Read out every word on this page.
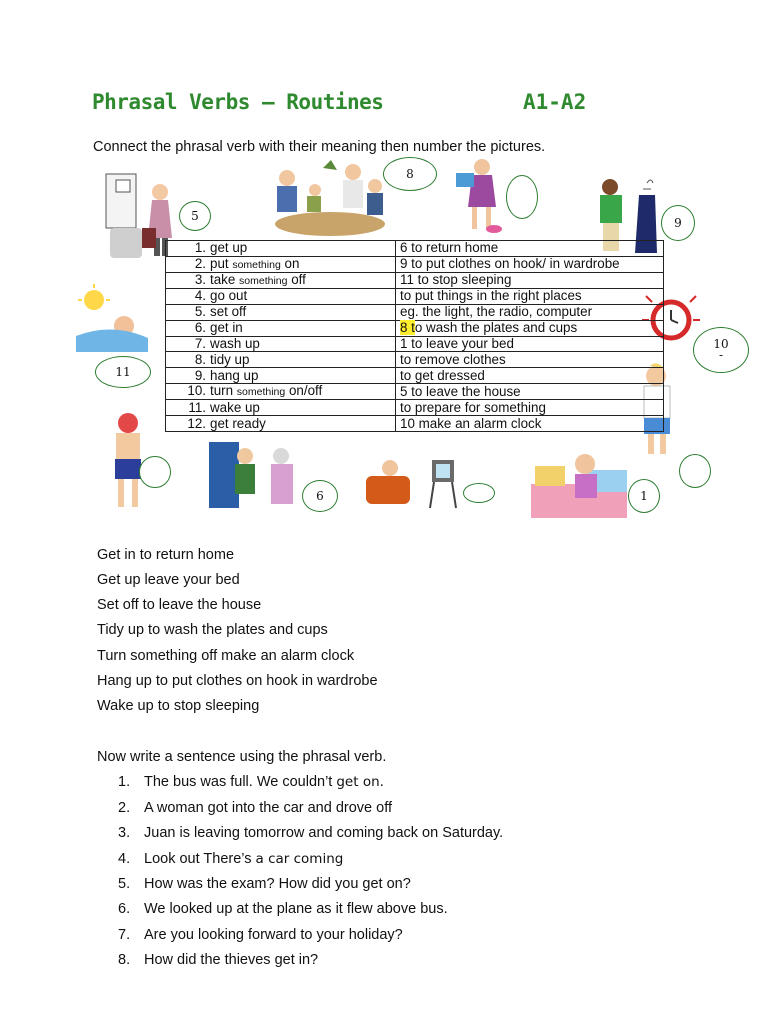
Phrasal Verbs – Routines	A1-A2
Connect the phrasal verb with their meaning then number the pictures.
8
5	9
11
10
-
6	1
1. get up	6 to return home
2. put something on	9 to put clothes on hook/ in wardrobe
3. take something off	11 to stop sleeping
4. go out	to put things in the right places
5. set off	eg. the light, the radio, computer
6. get in	8 to wash the plates and cups
7. wash up	1 to leave your bed
8. tidy up	to remove clothes
9. hang up	to get dressed
10. turn something on/off	5 to leave the house
11. wake up	to prepare for something
12. get ready	10 make an alarm clock
Get in to return home
Get up leave your bed
Set off to leave the house
Tidy up to wash the plates and cups
Turn something off make an alarm clock
Hang up to put clothes on hook in wardrobe
Wake up to stop sleeping
Now write a sentence using the phrasal verb.
1. The bus was full. We couldn’t get on.
2. A woman got into the car and drove off
3. Juan is leaving tomorrow and coming back on Saturday.
4. Look out There’s a car coming
5. How was the exam? How did you get on?
6. We looked up at the plane as it flew above bus.
7. Are you looking forward to your holiday?
8. How did the thieves get in?
